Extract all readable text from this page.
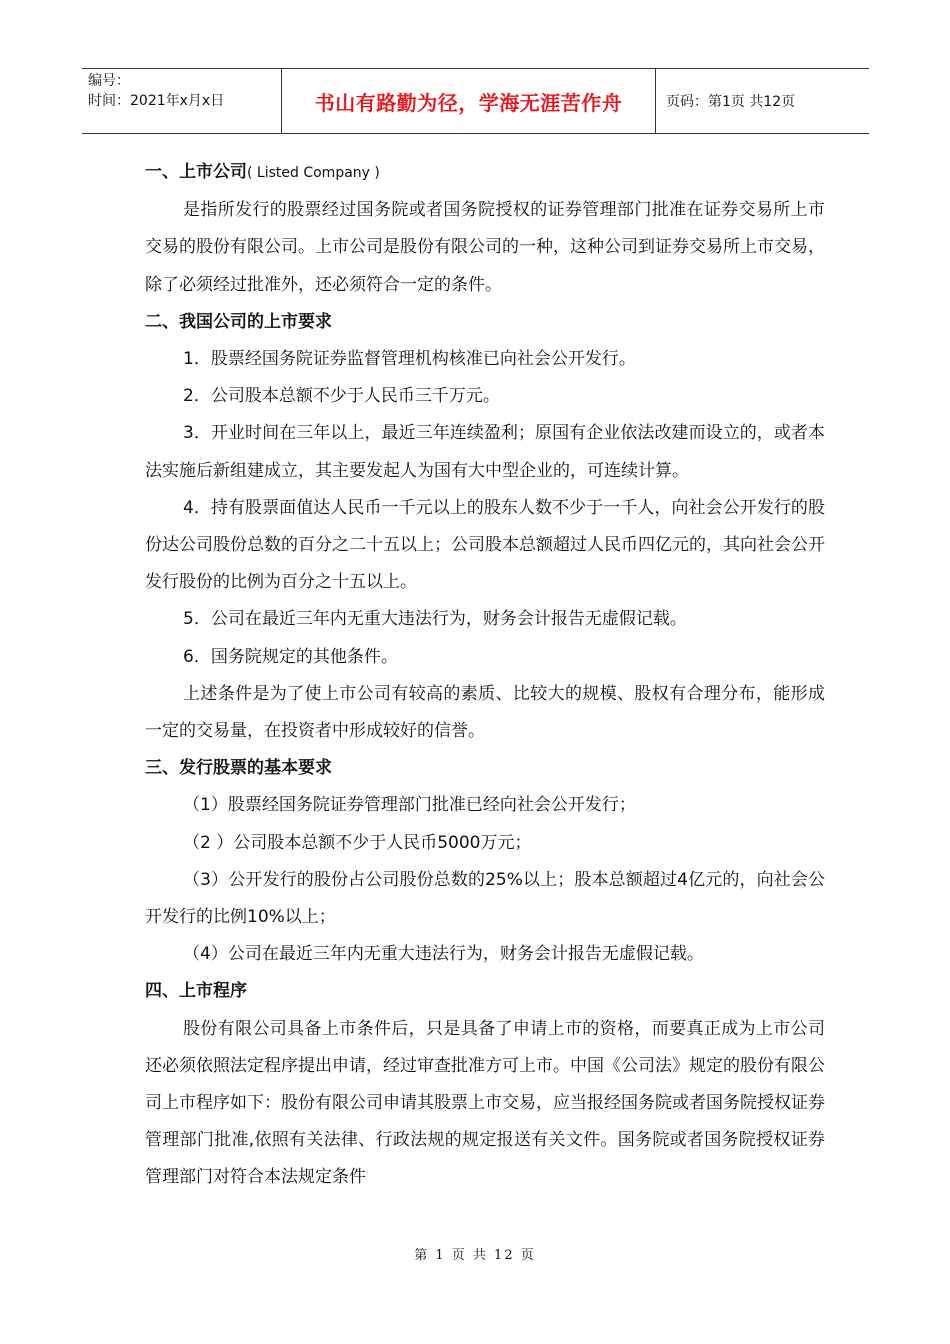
编号：
时间：2021年x月x日	书山有路勤为径，学海无涯苦作舟	页码：第1页 共12页

一、上市公司( Listed Company )

是指所发行的股票经过国务院或者国务院授权的证券管理部门批准在证券交易所上市交易的股份有限公司。上市公司是股份有限公司的一种，这种公司到证券交易所上市交易，除了必须经过批准外，还必须符合一定的条件。

二、我国公司的上市要求

1．股票经国务院证券监督管理机构核准已向社会公开发行。

2．公司股本总额不少于人民币三千万元。

3．开业时间在三年以上，最近三年连续盈利；原国有企业依法改建而设立的，或者本法实施后新组建成立，其主要发起人为国有大中型企业的，可连续计算。

4．持有股票面值达人民币一千元以上的股东人数不少于一千人，向社会公开发行的股份达公司股份总数的百分之二十五以上；公司股本总额超过人民币四亿元的，其向社会公开发行股份的比例为百分之十五以上。

5．公司在最近三年内无重大违法行为，财务会计报告无虚假记载。

6．国务院规定的其他条件。

上述条件是为了使上市公司有较高的素质、比较大的规模、股权有合理分布，能形成一定的交易量，在投资者中形成较好的信誉。

三、发行股票的基本要求

（1）股票经国务院证券管理部门批准已经向社会公开发行；

（2 ）公司股本总额不少于人民币5000万元；

（3）公开发行的股份占公司股份总数的25%以上；股本总额超过4亿元的，向社会公开发行的比例10%以上；

（4）公司在最近三年内无重大违法行为，财务会计报告无虚假记载。

四、上市程序

股份有限公司具备上市条件后，只是具备了申请上市的资格，而要真正成为上市公司还必须依照法定程序提出申请，经过审查批准方可上市。中国《公司法》规定的股份有限公司上市程序如下：股份有限公司申请其股票上市交易，应当报经国务院或者国务院授权证券管理部门批准,依照有关法律、行政法规的规定报送有关文件。国务院或者国务院授权证券管理部门对符合本法规定条件

第 1 页 共 12 页
